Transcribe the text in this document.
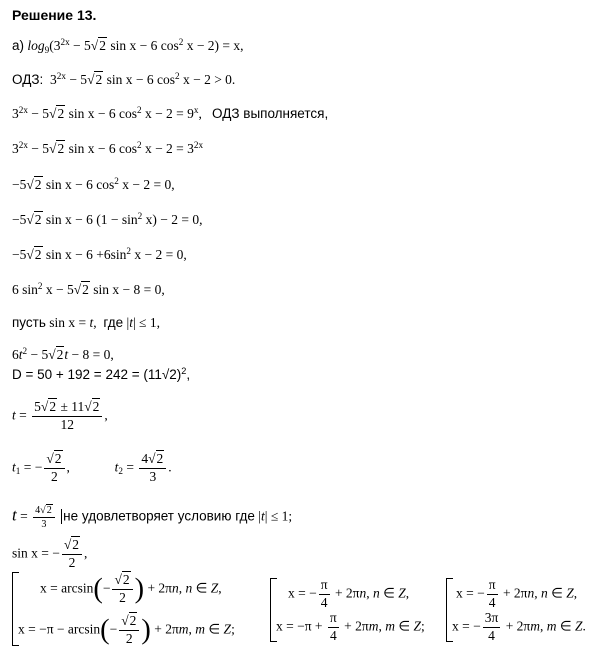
Решение 13.
а) $\log_9(3^{2x} - 5√2$ sin x − 6 $\cos^2 x - 2) = x$,
ОДЗ:  $3^{2x} - 5√2$ sin x − 6 $\cos^2 x - 2 > 0$.
$3^{2x} - 5√2$ sin x − 6 $\cos^2 x - 2 = 9^x$,   ОДЗ выполняется,
$3^{2x} - 5√2$ sin x − 6 $\cos^2 x - 2 = 3^{2x}$
−5√2 sin x − 6 $\cos^2 x - 2 = 0$,
−5√2 sin x − 6 $(1 - \sin^2 x) - 2 = 0$,
−5√2 $\sin x - 6 +6\sin^2$ x − 2 = 0,
6 $\sin^2 x - 5√2$ sin x − 8 = 0,
пусть sin x = t,  где |t| ≤ 1,
$6t^2 - 5√2t - 8 = 0$,
$D = 50 + 192 = 242 = (11√2)^2$,
$t = \frac{5√2 \pm 11√2}{12}$ ,
$t_1$ = − $\frac{√2}{2}$ ,	$t_2 = \frac{4√2}{3}$ .
$t = \frac{4√2}{3}$ не удовлетворяет условию где |t| ≤ 1;
sin x = − $\frac{√2}{2}$ ,
$x = \arcsin(- \frac{√2}{2}$ ) + 2πn, n ∈ Z,
$x = -\pi - \arcsin(- \frac{√2}{2}$ ) + 2πm, m ∈ Z;
x = − $\frac{\pi}{4} + 2\pi n$, n ∈ Z,
$x = -\pi + \frac{\pi}{4} + 2\pi m$, m ∈ Z;
x = − $\frac{\pi}{4} + 2\pi n$, n ∈ Z,
x = − $\frac{3\pi}{4} + 2\pi m$, m ∈ Z.
